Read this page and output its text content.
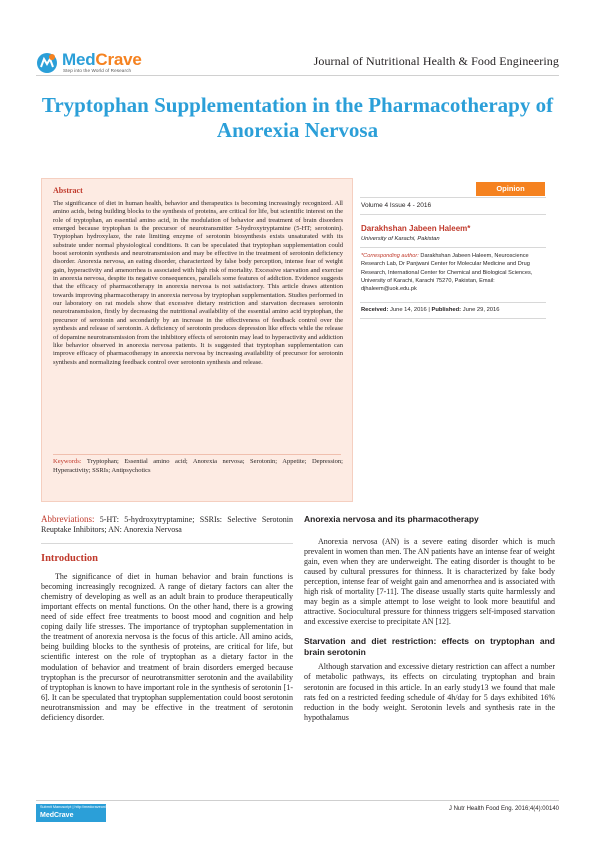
MedCrave
Step into the World of Research
Journal of Nutritional Health & Food Engineering
Tryptophan Supplementation in the Pharmacotherapy of Anorexia Nervosa
Abstract

The significance of diet in human health, behavior and therapeutics is becoming increasingly recognized. All amino acids, being building blocks to the synthesis of proteins, are critical for life, but scientific interest on the role of tryptophan, an essential amino acid, in the modulation of behavior and treatment of brain disorders emerged because tryptophan is the precursor of neurotransmitter 5-hydroxytryptamine (5-HT; serotonin). Tryptophan hydroxylaze, the rate limiting enzyme of serotonin biosynthesis exists unsaturated with its substrate under normal physiological conditions. It can be speculated that tryptophan supplementation could boost serotonin synthesis and neurotransmission and may be effective in the treatment of serotonin deficiency disorder. Anorexia nervosa, an eating disorder, characterized by false body perception, intense fear of weight gain, hyperactivity and amenorrhea is associated with high risk of mortality. Excessive starvation and exercise in anorexia nervosa, despite its negative consequences, parallels some features of addiction. Evidence suggests that the efficacy of pharmacotherapy in anorexia nervosa is not satisfactory. This article draws attention towards improving pharmacotherapy in anorexia nervosa by tryptophan supplementation. Studies performed in our laboratory on rat models show that excessive dietary restriction and starvation decreases serotonin neurotransmission, firstly by decreasing the nutritional availability of the essential amino acid tryptophan, the precursor of serotonin and secondarily by an increase in the effectiveness of feedback control over the synthesis and release of serotonin. A deficiency of serotonin produces depression like effects while the release of dopamine neurotransmission from the inhibitory effects of serotonin may lead to hyperactivity and addiction like behavior observed in anorexia nervosa patients. It is suggested that tryptophan supplementation can improve efficacy of pharmacotherapy in anorexia nervosa by increasing availability of precursor for serotonin synthesis and normalizing feedback control over serotonin synthesis and release.

Keywords: Tryptophan; Essential amino acid; Anorexia nervosa; Serotonin; Appetite; Depression; Hyperactivity; SSRIs; Antipsychotics

Opinion
Volume 4 Issue 4 - 2016
Darakhshan Jabeen Haleem*
University of Karachi, Pakistan

*Corresponding author: Darakhshan Jabeen Haleem, Neuroscience Research Lab, Dr Panjwani Center for Molecular Medicine and Drug Research, International Center for Chemical and Biological Sciences, University of Karachi, Karachi 75270, Pakistan, Email: djhaleem@uok.edu.pk

Received: June 14, 2016 | Published: June 29, 2016

Abbreviations: 5-HT: 5-hydroxytryptamine; SSRIs: Selective Serotonin Reuptake Inhibitors; AN: Anorexia Nervosa

Introduction

The significance of diet in human behavior and brain functions is becoming increasingly recognized. A range of dietary factors can alter the chemistry of developing as well as an adult brain to produce therapeutically important effects on mental functions. On the other hand, there is a growing need of side effect free treatments to boost mood and cognition and help coping daily life stresses. The importance of tryptophan supplementation in the treatment of anorexia nervosa is the focus of this article. All amino acids, being building blocks to the synthesis of proteins, are critical for life, but scientific interest on the role of tryptophan as a dietary factor in the modulation of behavior and treatment of brain disorders emerged because tryptophan is the precursor of neurotransmitter serotonin and the availability of tryptophan is known to have important role in the synthesis of serotonin [1-6]. It can be speculated that tryptophan supplementation could boost serotonin neurotransmission and may be effective in the treatment of serotonin deficiency disorder.

Anorexia nervosa and its pharmacotherapy

Anorexia nervosa (AN) is a severe eating disorder which is much prevalent in women than men. The AN patients have an intense fear of weight gain, even when they are underweight. The eating disorder is thought to be caused by cultural pressures for thinness. It is characterized by fake body perception, intense fear of weight gain and amenorrhea and is associated with high risk of mortality [7-11]. The disease usually starts quite harmlessly and may begin as a simple attempt to lose weight to look more beautiful and attractive. Sociocultural pressure for thinness triggers self-imposed starvation and excessive exercise to precipitate AN [12].

Starvation and diet restriction: effects on tryptophan and brain serotonin

Although starvation and excessive dietary restriction can affect a number of metabolic pathways, its effects on circulating tryptophan and brain serotonin are focused in this article. In an early study13 we found that male rats fed on a restricted feeding schedule of 4h/day for 5 days exhibited 16% reduction in the body weight. Serotonin levels and synthesis rate in the hypothalamus

Submit Manuscript | http://medcraveonline.com
MedCrave
J Nutr Health Food Eng. 2016;4(4):00140
